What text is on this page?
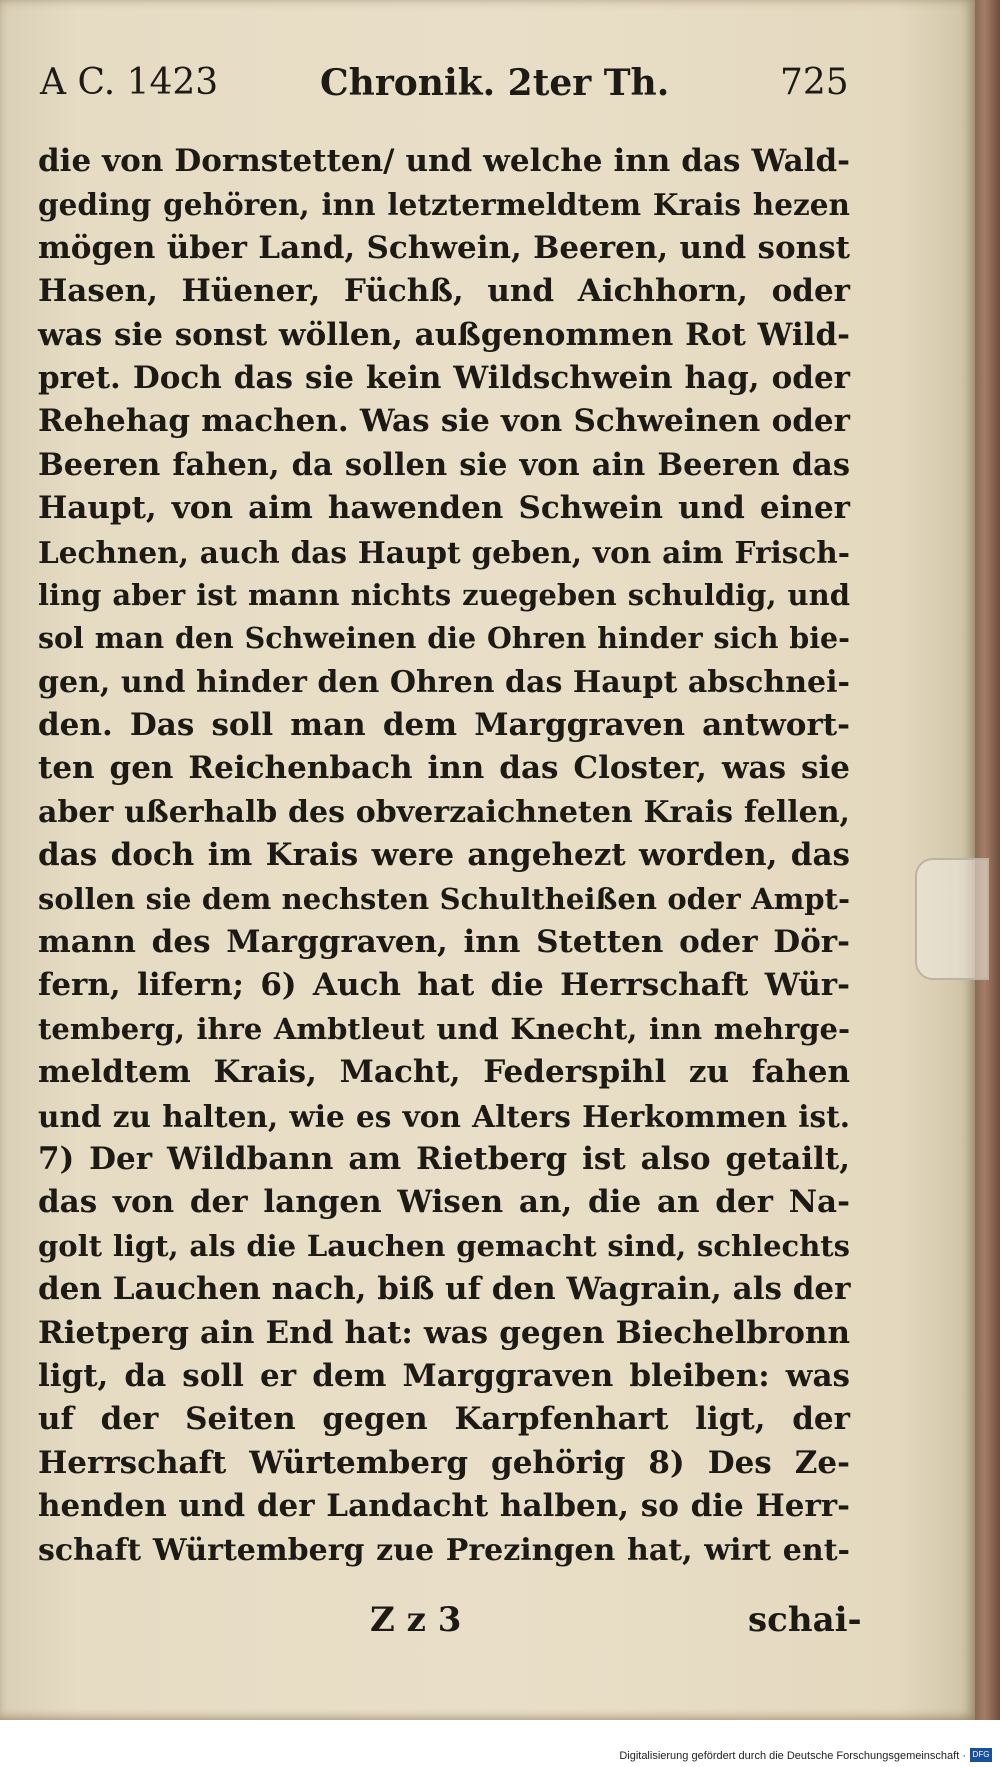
A C. 1423	Chronik. 2ter Th.	725
die von Dornstetten/ und welche inn das Wald-
geding gehören, inn letztermeldtem Krais hezen
mögen über Land, Schwein, Beeren, und sonst
Hasen, Hüener, Füchß, und Aichhorn, oder
was sie sonst wöllen, außgenommen Rot Wild-
pret. Doch das sie kein Wildschwein hag, oder
Rehehag machen. Was sie von Schweinen oder
Beeren fahen, da sollen sie von ain Beeren das
Haupt, von aim hawenden Schwein und einer
Lechnen, auch das Haupt geben, von aim Frisch-
ling aber ist mann nichts zuegeben schuldig, und
sol man den Schweinen die Ohren hinder sich bie-
gen, und hinder den Ohren das Haupt abschnei-
den. Das soll man dem Marggraven antwort-
ten gen Reichenbach inn das Closter, was sie
aber ußerhalb des obverzaichneten Krais fellen,
das doch im Krais were angehezt worden, das
sollen sie dem nechsten Schultheißen oder Ampt-
mann des Marggraven, inn Stetten oder Dör-
fern, lifern; 6) Auch hat die Herrschaft Wür-
temberg, ihre Ambtleut und Knecht, inn mehrge-
meldtem Krais, Macht, Federspihl zu fahen
und zu halten, wie es von Alters Herkommen ist.
7) Der Wildbann am Rietberg ist also getailt,
das von der langen Wisen an, die an der Na-
golt ligt, als die Lauchen gemacht sind, schlechts
den Lauchen nach, biß uf den Wagrain, als der
Rietperg ain End hat: was gegen Biechelbronn
ligt, da soll er dem Marggraven bleiben: was
uf der Seiten gegen Karpfenhart ligt, der
Herrschaft Würtemberg gehörig 8) Des Ze-
henden und der Landacht halben, so die Herr-
schaft Würtemberg zue Prezingen hat, wirt ent-
Z z 3	schai-
Digitalisierung gefördert durch die Deutsche Forschungsgemeinschaft · DFG
